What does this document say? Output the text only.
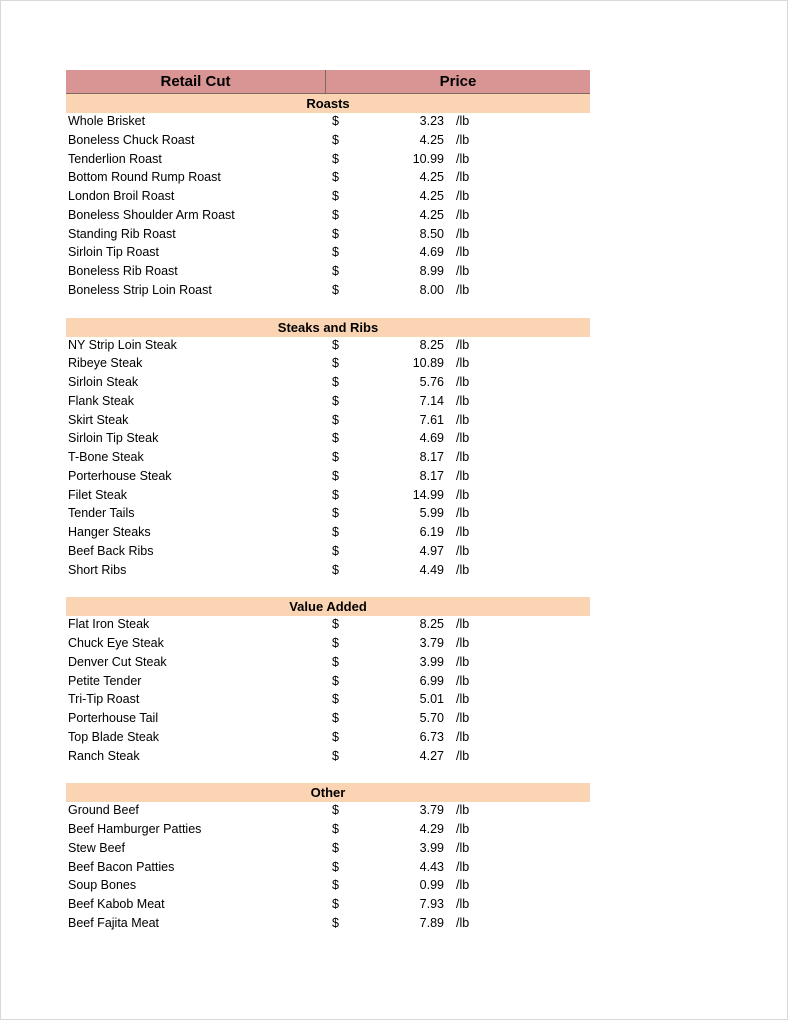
Retail Cut	Price
Roasts
Whole Brisket	$	3.23 /lb
Boneless Chuck Roast	$	4.25 /lb
Tenderlion Roast	$	10.99 /lb
Bottom Round Rump Roast	$	4.25 /lb
London Broil Roast	$	4.25 /lb
Boneless Shoulder Arm Roast	$	4.25 /lb
Standing Rib Roast	$	8.50 /lb
Sirloin Tip Roast	$	4.69 /lb
Boneless Rib Roast	$	8.99 /lb
Boneless Strip Loin Roast	$	8.00 /lb
Steaks and Ribs
NY Strip Loin Steak	$	8.25 /lb
Ribeye Steak	$	10.89 /lb
Sirloin Steak	$	5.76 /lb
Flank Steak	$	7.14 /lb
Skirt Steak	$	7.61 /lb
Sirloin Tip Steak	$	4.69 /lb
T-Bone Steak	$	8.17 /lb
Porterhouse Steak	$	8.17 /lb
Filet Steak	$	14.99 /lb
Tender Tails	$	5.99 /lb
Hanger Steaks	$	6.19 /lb
Beef Back Ribs	$	4.97 /lb
Short Ribs	$	4.49 /lb
Value Added
Flat Iron Steak	$	8.25 /lb
Chuck Eye Steak	$	3.79 /lb
Denver Cut Steak	$	3.99 /lb
Petite Tender	$	6.99 /lb
Tri-Tip Roast	$	5.01 /lb
Porterhouse Tail	$	5.70 /lb
Top Blade Steak	$	6.73 /lb
Ranch Steak	$	4.27 /lb
Other
Ground Beef	$	3.79 /lb
Beef Hamburger Patties	$	4.29 /lb
Stew Beef	$	3.99 /lb
Beef Bacon Patties	$	4.43 /lb
Soup Bones	$	0.99 /lb
Beef Kabob Meat	$	7.93 /lb
Beef Fajita Meat	$	7.89 /lb
